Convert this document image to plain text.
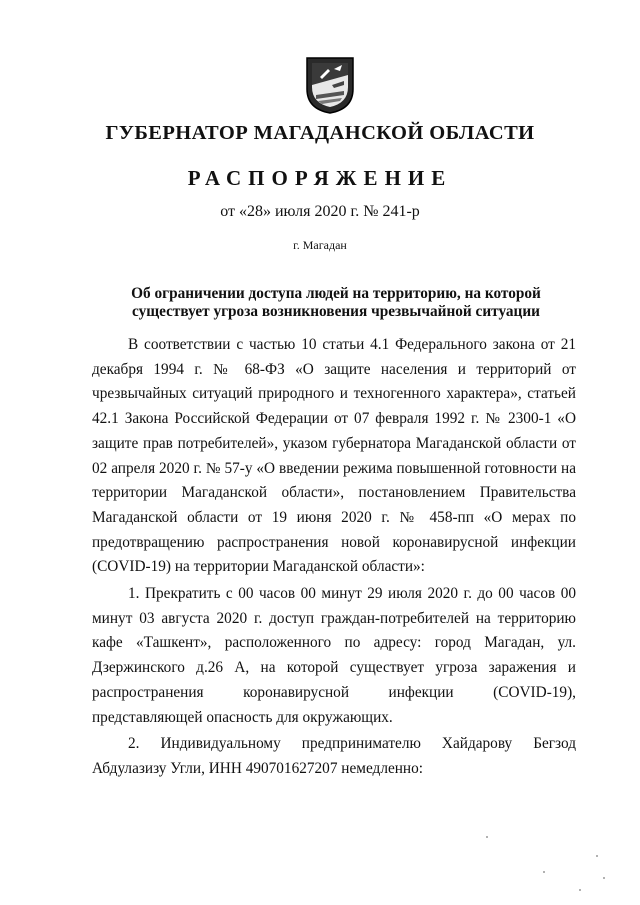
ГУБЕРНАТОР МАГАДАНСКОЙ ОБЛАСТИ
РАСПОРЯЖЕНИЕ
от «28» июля 2020 г. № 241-р
г. Магадан
Об ограничении доступа людей на территорию, на которой существует угроза возникновения чрезвычайной ситуации

В соответствии с частью 10 статьи 4.1 Федерального закона от 21 декабря 1994 г. № 68-ФЗ «О защите населения и территорий от чрезвычайных ситуаций природного и техногенного характера», статьей 42.1 Закона Российской Федерации от 07 февраля 1992 г. № 2300-1 «О защите прав потребителей», указом губернатора Магаданской области от 02 апреля 2020 г. № 57-у «О введении режима повышенной готовности на территории Магаданской области», постановлением Правительства Магаданской области от 19 июня 2020 г. № 458-пп «О мерах по предотвращению распространения новой коронавирусной инфекции (COVID-19) на территории Магаданской области»:

1. Прекратить с 00 часов 00 минут 29 июля 2020 г. до 00 часов 00 минут 03 августа 2020 г. доступ граждан-потребителей на территорию кафе «Ташкент», расположенного по адресу: город Магадан, ул. Дзержинского д.26 А, на которой существует угроза заражения и распространения коронавирусной инфекции (COVID-19), представляющей опасность для окружающих.

2. Индивидуальному предпринимателю Хайдарову Бегзод Абдулазизу Угли, ИНН 490701627207 немедленно:
